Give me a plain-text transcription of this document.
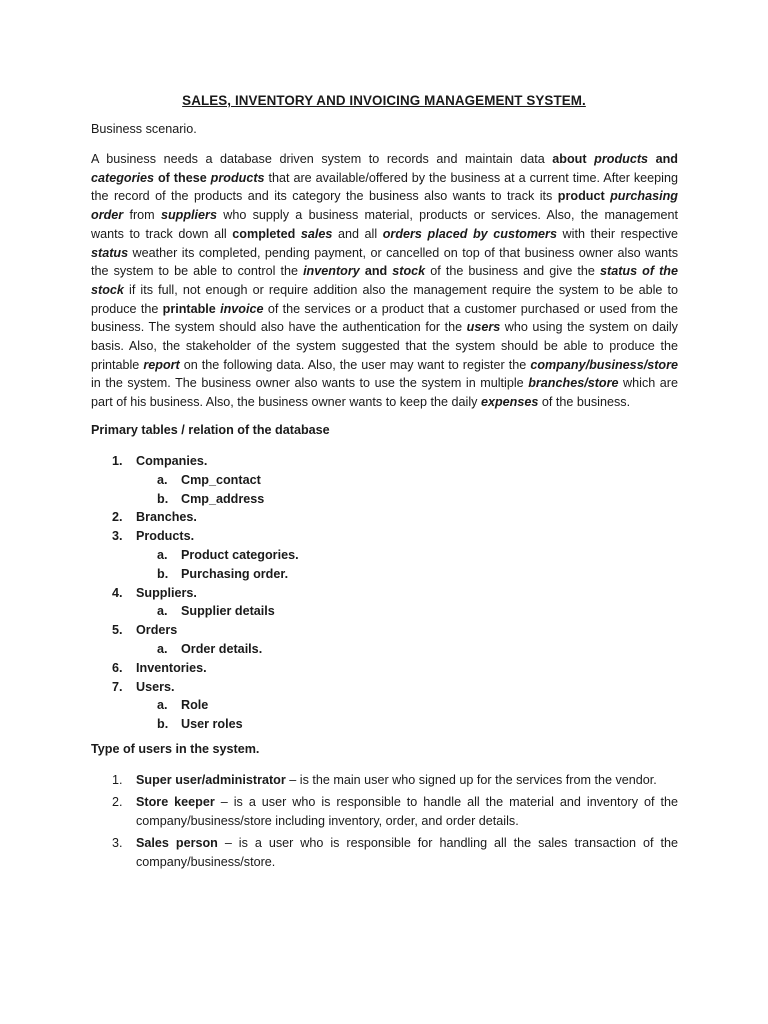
SALES, INVENTORY AND INVOICING MANAGEMENT SYSTEM.
Business scenario.

A business needs a database driven system to records and maintain data about products and categories of these products that are available/offered by the business at a current time. After keeping the record of the products and its category the business also wants to track its product purchasing order from suppliers who supply a business material, products or services. Also, the management wants to track down all completed sales and all orders placed by customers with their respective status weather its completed, pending payment, or cancelled on top of that business owner also wants the system to be able to control the inventory and stock of the business and give the status of the stock if its full, not enough or require addition also the management require the system to be able to produce the printable invoice of the services or a product that a customer purchased or used from the business. The system should also have the authentication for the users who using the system on daily basis. Also, the stakeholder of the system suggested that the system should be able to produce the printable report on the following data. Also, the user may want to register the company/business/store in the system. The business owner also wants to use the system in multiple branches/store which are part of his business. Also, the business owner wants to keep the daily expenses of the business.

Primary tables / relation of the database
1.	Companies.
a.	Cmp_contact
b.	Cmp_address
2.	Branches.
3.	Products.
a.	Product categories.
b.	Purchasing order.
4.	Suppliers.
a.	Supplier details
5.	Orders
a.	Order details.
6.	Inventories.
7.	Users.
a.	Role
b.	User roles
Type of users in the system.
1. Super user/administrator – is the main user who signed up for the services from the vendor.
2. Store keeper – is a user who is responsible to handle all the material and inventory of the company/business/store including inventory, order, and order details.
3. Sales person – is a user who is responsible for handling all the sales transaction of the company/business/store.
